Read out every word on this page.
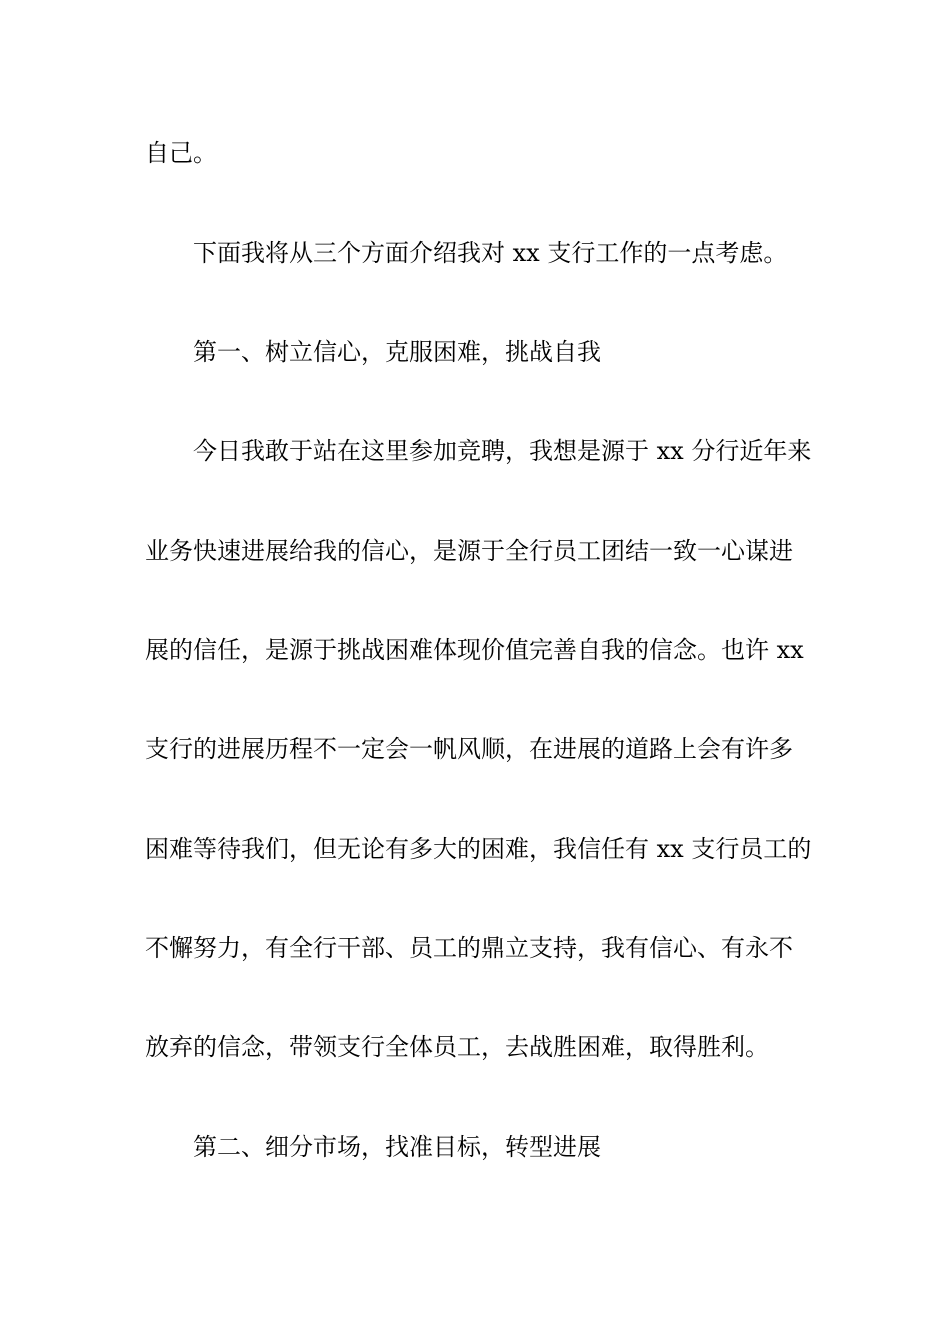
自己。
下面我将从三个方面介绍我对 xx 支行工作的一点考虑。
第一、树立信心，克服困难，挑战自我
今日我敢于站在这里参加竞聘，我想是源于 xx 分行近年来
业务快速进展给我的信心，是源于全行员工团结一致一心谋进
展的信任，是源于挑战困难体现价值完善自我的信念。也许 xx
支行的进展历程不一定会一帆风顺，在进展的道路上会有许多
困难等待我们，但无论有多大的困难，我信任有 xx 支行员工的
不懈努力，有全行干部、员工的鼎立支持，我有信心、有永不
放弃的信念，带领支行全体员工，去战胜困难，取得胜利。
第二、细分市场，找准目标，转型进展
